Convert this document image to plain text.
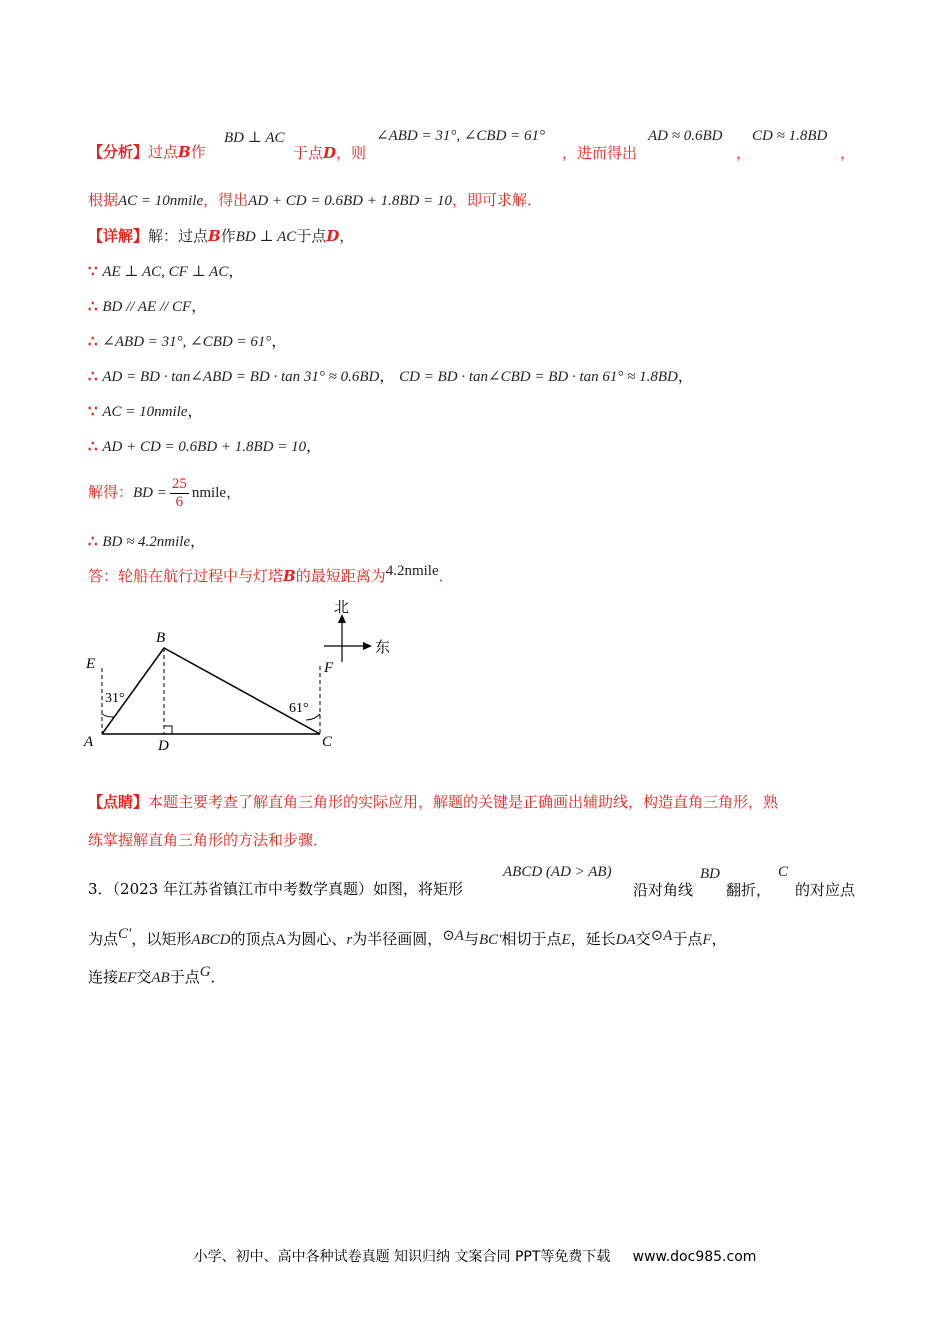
【分析】过点B作
BD ⊥ AC
于点D，则
∠ABD = 31°, ∠CBD = 61°
，进而得出
AD ≈ 0.6BD
，
CD ≈ 1.8BD
，
根据AC = 10nmile，得出AD + CD = 0.6BD + 1.8BD = 10，即可求解．
【详解】解：过点B作BD ⊥ AC于点D，
∵ AE ⊥ AC, CF ⊥ AC，
∴ BD // AE // CF，
∴ ∠ABD = 31°, ∠CBD = 61°，
∴ AD = BD · tan∠ABD = BD · tan 31° ≈ 0.6BD， CD = BD · tan∠CBD = BD · tan 61° ≈ 1.8BD，
∵ AC = 10nmile，
∴ AD + CD = 0.6BD + 1.8BD = 10，
解得：BD = $\frac{25}{6}$ nmile，
∴ BD ≈ 4.2nmile，
答：轮船在航行过程中与灯塔B的最短距离为4.2nmile．
E
B
F
A	D	C
31°
61°
北
东
【点睛】本题主要考查了解直角三角形的实际应用，解题的关键是正确画出辅助线，构造直角三角形，熟
练掌握解直角三角形的方法和步骤．
3．（2023 年江苏省镇江市中考数学真题）如图，将矩形
ABCD (AD > AB)
沿对角线
BD
翻折，
C
的对应点
为点C′，以矩形ABCD的顶点A为圆心、r为半径画圆，⊙A与BC′相切于点E，延长DA交⊙A于点F，
连接EF交AB于点G．
小学、初中、高中各种试卷真题 知识归纳 文案合同 PPT等免费下载 www.doc985.com
